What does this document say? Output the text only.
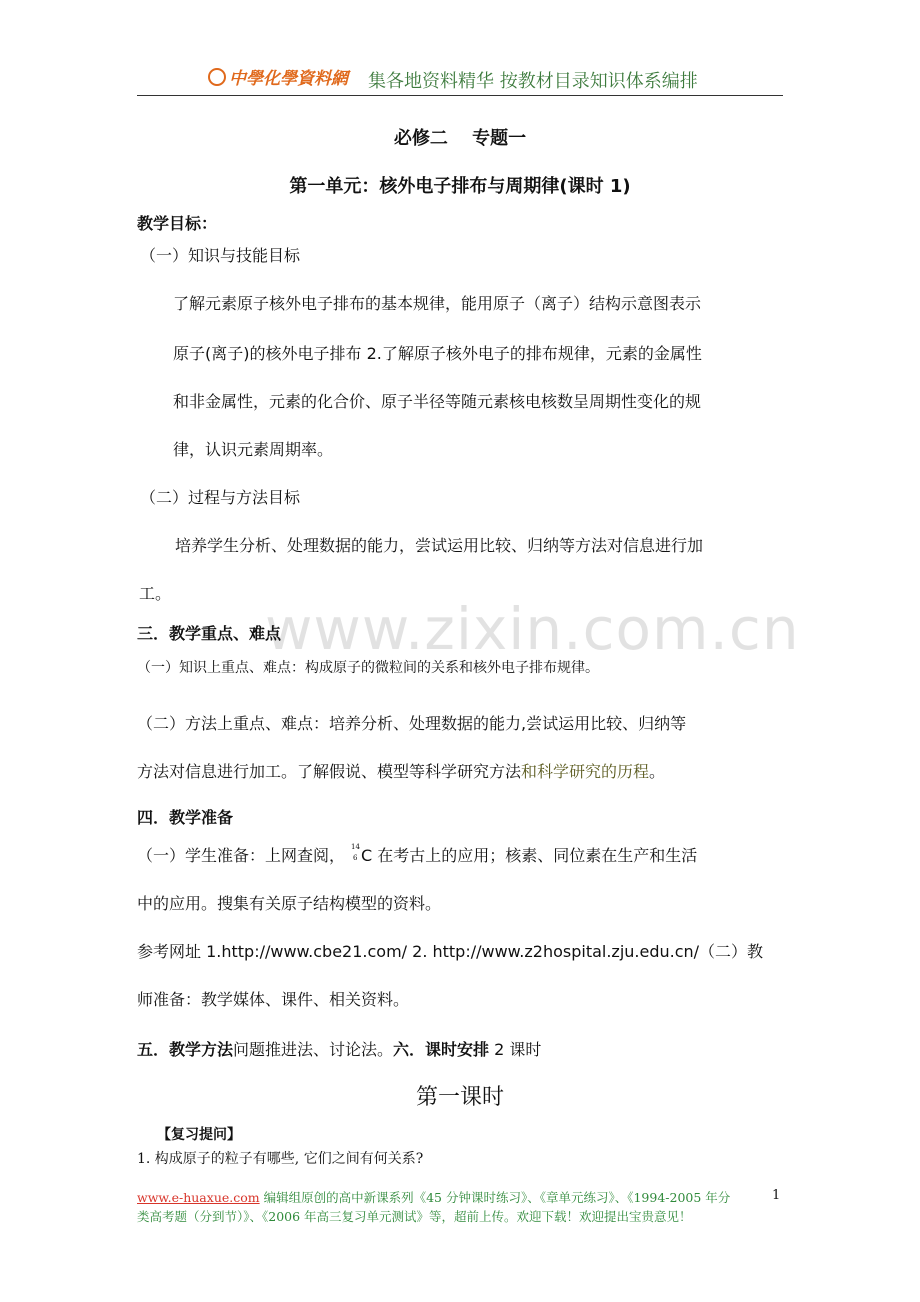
中學化學資料網 集各地资料精华 按教材目录知识体系编排
必修二　 专题一
第一单元：核外电子排布与周期律(课时 1)
教学目标：
（一）知识与技能目标
了解元素原子核外电子排布的基本规律，能用原子（离子）结构示意图表示
原子(离子)的核外电子排布 2.了解原子核外电子的排布规律，元素的金属性
和非金属性，元素的化合价、原子半径等随元素核电核数呈周期性变化的规
律，认识元素周期率。
（二）过程与方法目标
培养学生分析、处理数据的能力，尝试运用比较、归纳等方法对信息进行加
工。
www.zixin.com.cn
三．教学重点、难点
（一）知识上重点、难点：构成原子的微粒间的关系和核外电子排布规律。
（二）方法上重点、难点：培养分析、处理数据的能力,尝试运用比较、归纳等
方法对信息进行加工。了解假说、模型等科学研究方法和科学研究的历程。
四．教学准备
（一）学生准备：上网查阅， 14
6 C 在考古上的应用；核素、同位素在生产和生活
中的应用。搜集有关原子结构模型的资料。
参考网址 1.http://www.cbe21.com/ 2. http://www.z2hospital.zju.edu.cn/（二）教
师准备：教学媒体、课件、相关资料。
五．教学方法问题推进法、讨论法。六．课时安排 2 课时
第一课时
【复习提问】
1. 构成原子的粒子有哪些, 它们之间有何关系?
www.e-huaxue.com 编辑组原创的高中新课系列《45 分钟课时练习》、《章单元练习》、《1994-2005 年分
类高考题（分到节）》、《2006 年高三复习单元测试》等，超前上传。欢迎下载！欢迎提出宝贵意见！
1
